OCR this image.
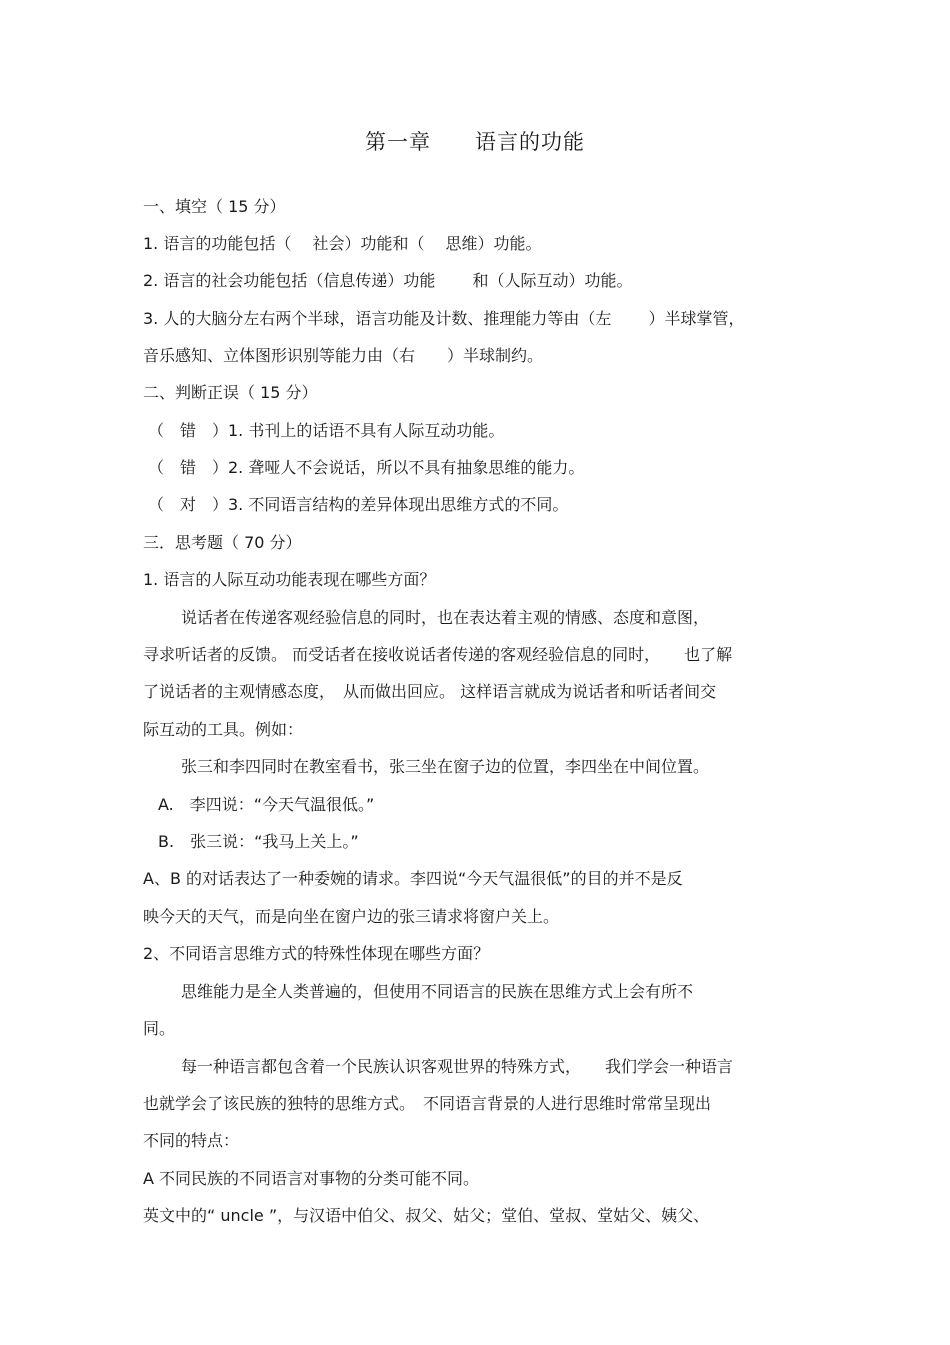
第一章　　语言的功能
一、填空（ 15 分）
1. 语言的功能包括（　 社会）功能和（　 思维）功能。
2. 语言的社会功能包括（信息传递）功能　　 和（人际互动）功能。
3. 人的大脑分左右两个半球，语言功能及计数、推理能力等由（左　　 ）半球掌管，
音乐感知、立体图形识别等能力由（右　　）半球制约。
二、判断正误（ 15 分）
（　错　）1. 书刊上的话语不具有人际互动功能。
（　错　）2. 聋哑人不会说话，所以不具有抽象思维的能力。
（　对　）3. 不同语言结构的差异体现出思维方式的不同。
三．思考题（ 70 分）
1. 语言的人际互动功能表现在哪些方面？
说话者在传递客观经验信息的同时，也在表达着主观的情感、态度和意图，
寻求听话者的反馈。 而受话者在接收说话者传递的客观经验信息的同时，　　也了解
了说话者的主观情感态度，　从而做出回应。 这样语言就成为说话者和听话者间交
际互动的工具。例如：
张三和李四同时在教室看书，张三坐在窗子边的位置，李四坐在中间位置。
A.　李四说：“今天气温很低。”
B.　张三说：“我马上关上。”
A、B 的对话表达了一种委婉的请求。李四说“今天气温很低”的目的并不是反
映今天的天气，而是向坐在窗户边的张三请求将窗户关上。
2、不同语言思维方式的特殊性体现在哪些方面？
思维能力是全人类普遍的，但使用不同语言的民族在思维方式上会有所不
同。
每一种语言都包含着一个民族认识客观世界的特殊方式，　　我们学会一种语言
也就学会了该民族的独特的思维方式。　不同语言背景的人进行思维时常常呈现出
不同的特点：
A 不同民族的不同语言对事物的分类可能不同。
英文中的“ uncle ”，与汉语中伯父、叔父、姑父；堂伯、堂叔、堂姑父、姨父、
